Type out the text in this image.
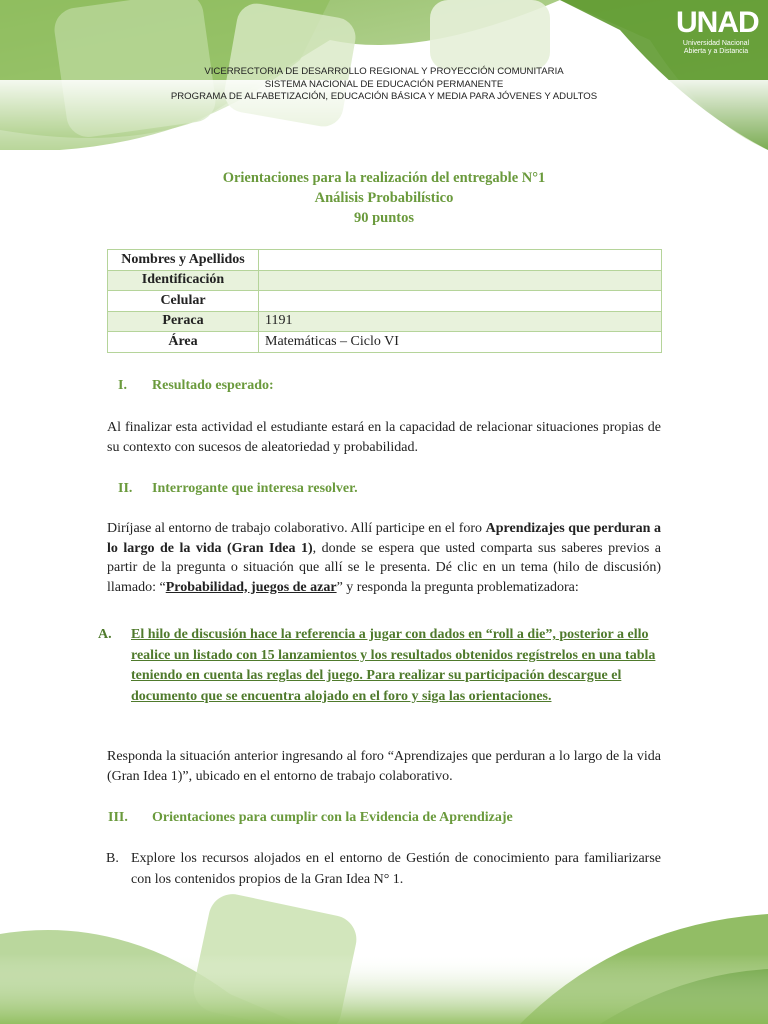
UNAD
Universidad Nacional
Abierta y a Distancia
VICERRECTORIA DE DESARROLLO REGIONAL Y PROYECCIÓN COMUNITARIA
SISTEMA NACIONAL DE EDUCACIÓN PERMANENTE
PROGRAMA DE ALFABETIZACIÓN, EDUCACIÓN BÁSICA Y MEDIA PARA JÓVENES Y ADULTOS
Orientaciones para la realización del entregable N°1
Análisis Probabilístico
90 puntos
Nombres y Apellidos	
Identificación	
Celular	
Peraca	1191
Área	Matemáticas – Ciclo VI
I. Resultado esperado:
Al finalizar esta actividad el estudiante estará en la capacidad de relacionar situaciones propias de su contexto con sucesos de aleatoriedad y probabilidad.
II. Interrogante que interesa resolver.
Diríjase al entorno de trabajo colaborativo. Allí participe en el foro Aprendizajes que perduran a lo largo de la vida (Gran Idea 1), donde se espera que usted comparta sus saberes previos a partir de la pregunta o situación que allí se le presenta. Dé clic en un tema (hilo de discusión) llamado: “Probabilidad, juegos de azar” y responda la pregunta problematizadora:
A. El hilo de discusión hace la referencia a jugar con dados en “roll a die”, posterior a ello realice un listado con 15 lanzamientos y los resultados obtenidos regístrelos en una tabla teniendo en cuenta las reglas del juego. Para realizar su participación descargue el documento que se encuentra alojado en el foro y siga las orientaciones.
Responda la situación anterior ingresando al foro “Aprendizajes que perduran a lo largo de la vida (Gran Idea 1)”, ubicado en el entorno de trabajo colaborativo.
III. Orientaciones para cumplir con la Evidencia de Aprendizaje
B. Explore los recursos alojados en el entorno de Gestión de conocimiento para familiarizarse con los contenidos propios de la Gran Idea N° 1.
